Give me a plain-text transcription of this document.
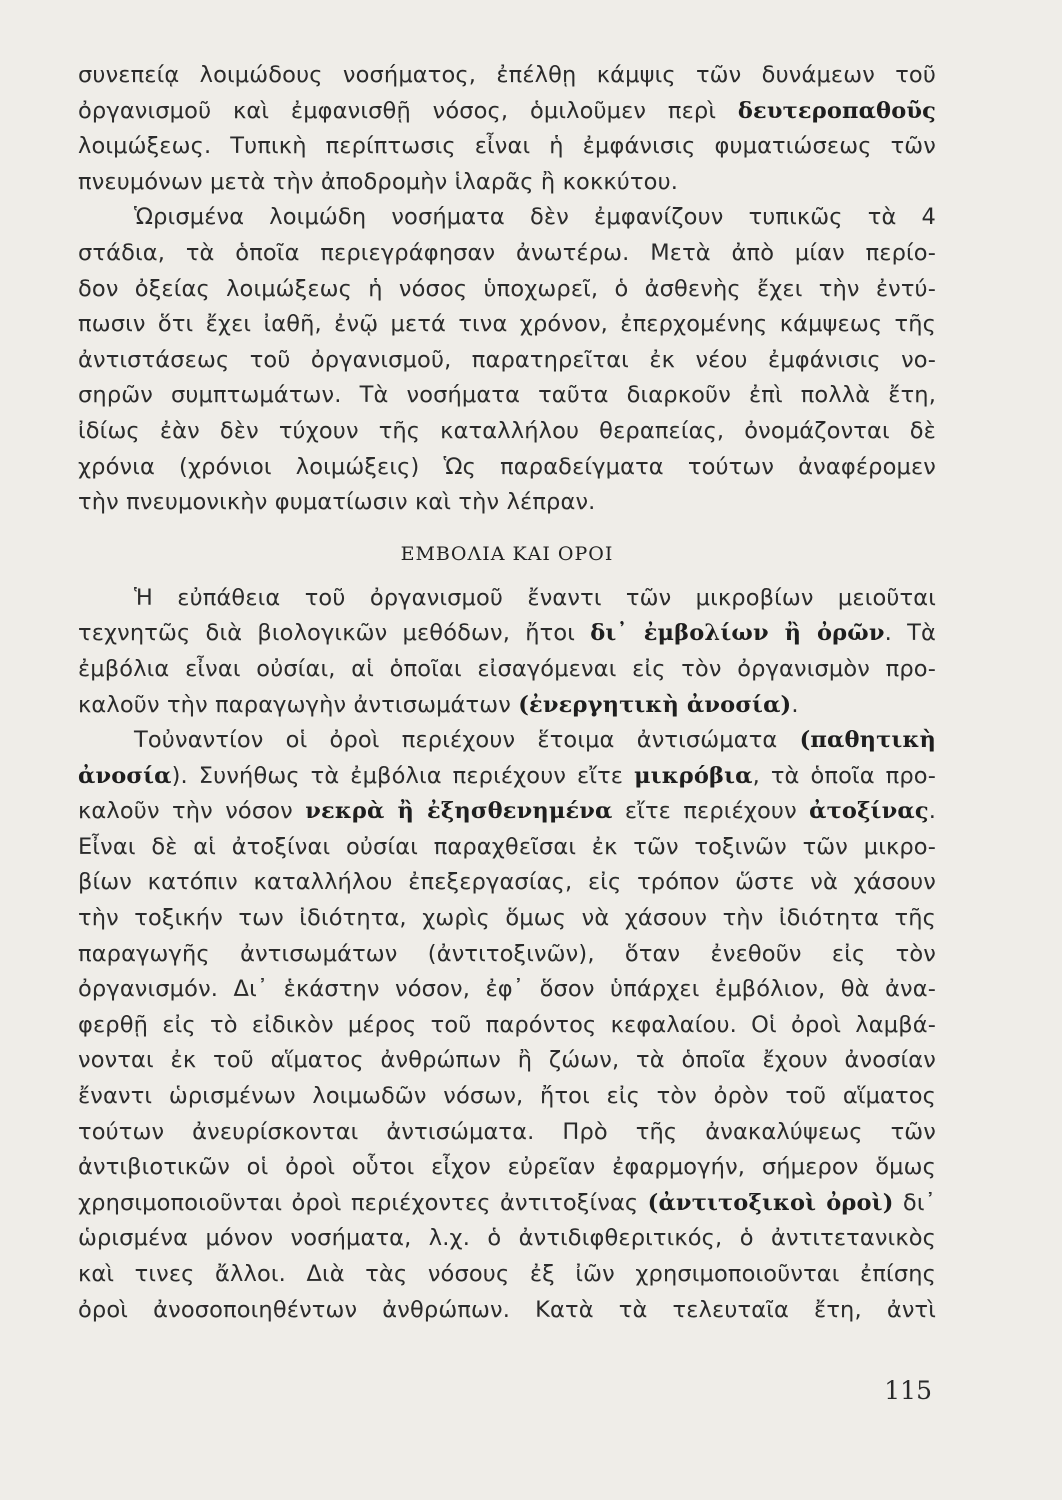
συνεπείᾳ λοιμώδους νοσήματος, ἐπέλθῃ κάμψις τῶν δυνάμεων τοῦ
ὀργανισμοῦ καὶ ἐμφανισθῇ νόσος, ὁμιλοῦμεν περὶ δευτεροπαθοῦς
λοιμώξεως. Τυπικὴ περίπτωσις εἶναι ἡ ἐμφάνισις φυματιώσεως τῶν
πνευμόνων μετὰ τὴν ἀποδρομὴν ἱλαρᾶς ἢ κοκκύτου.

Ὡρισμένα λοιμώδη νοσήματα δὲν ἐμφανίζουν τυπικῶς τὰ 4
στάδια, τὰ ὁποῖα περιεγράφησαν ἀνωτέρω. Μετὰ ἀπὸ μίαν περίο-
δον ὀξείας λοιμώξεως ἡ νόσος ὑποχωρεῖ, ὁ ἀσθενὴς ἔχει τὴν ἐντύ-
πωσιν ὅτι ἔχει ἰαθῆ, ἐνῷ μετά τινα χρόνον, ἐπερχομένης κάμψεως τῆς
ἀντιστάσεως τοῦ ὀργανισμοῦ, παρατηρεῖται ἐκ νέου ἐμφάνισις νο-
σηρῶν συμπτωμάτων. Τὰ νοσήματα ταῦτα διαρκοῦν ἐπὶ πολλὰ ἔτη,
ἰδίως ἐὰν δὲν τύχουν τῆς καταλλήλου θεραπείας, ὀνομάζονται δὲ
χρόνια (χρόνιοι λοιμώξεις) Ὡς παραδείγματα τούτων ἀναφέρομεν
τὴν πνευμονικὴν φυματίωσιν καὶ τὴν λέπραν.

ΕΜΒΟΛΙΑ ΚΑΙ ΟΡΟΙ

Ἡ εὐπάθεια τοῦ ὀργανισμοῦ ἔναντι τῶν μικροβίων μειοῦται
τεχνητῶς διὰ βιολογικῶν μεθόδων, ἤτοι δι᾽ ἐμβολίων ἢ ὀρῶν. Τὰ
ἐμβόλια εἶναι οὐσίαι, αἱ ὁποῖαι εἰσαγόμεναι εἰς τὸν ὀργανισμὸν προ-
καλοῦν τὴν παραγωγὴν ἀντισωμάτων (ἐνεργητικὴ ἀνοσία).

Τοὐναντίον οἱ ὀροὶ περιέχουν ἕτοιμα ἀντισώματα (παθητικὴ
ἀνοσία). Συνήθως τὰ ἐμβόλια περιέχουν εἴτε μικρόβια, τὰ ὁποῖα προ-
καλοῦν τὴν νόσον νεκρὰ ἢ ἐξησθενημένα εἴτε περιέχουν ἀτοξίνας.
Εἶναι δὲ αἱ ἀτοξίναι οὐσίαι παραχθεῖσαι ἐκ τῶν τοξινῶν τῶν μικρο-
βίων κατόπιν καταλλήλου ἐπεξεργασίας, εἰς τρόπον ὥστε νὰ χάσουν
τὴν τοξικήν των ἰδιότητα, χωρὶς ὅμως νὰ χάσουν τὴν ἰδιότητα τῆς
παραγωγῆς ἀντισωμάτων (ἀντιτοξινῶν), ὅταν ἐνεθοῦν εἰς τὸν
ὀργανισμόν. Δι᾽ ἑκάστην νόσον, ἐφ᾽ ὅσον ὑπάρχει ἐμβόλιον, θὰ ἀνα-
φερθῇ εἰς τὸ εἰδικὸν μέρος τοῦ παρόντος κεφαλαίου. Οἱ ὀροὶ λαμβά-
νονται ἐκ τοῦ αἵματος ἀνθρώπων ἢ ζώων, τὰ ὁποῖα ἔχουν ἀνοσίαν
ἔναντι ὡρισμένων λοιμωδῶν νόσων, ἤτοι εἰς τὸν ὀρὸν τοῦ αἵματος
τούτων ἀνευρίσκονται ἀντισώματα. Πρὸ τῆς ἀνακαλύψεως τῶν
ἀντιβιοτικῶν οἱ ὀροὶ οὗτοι εἶχον εὐρεῖαν ἐφαρμογήν, σήμερον ὅμως
χρησιμοποιοῦνται ὀροὶ περιέχοντες ἀντιτοξίνας (ἀντιτοξικοὶ ὀροὶ) δι᾽
ὡρισμένα μόνον νοσήματα, λ.χ. ὁ ἀντιδιφθεριτικός, ὁ ἀντιτετανικὸς
καὶ τινες ἄλλοι. Διὰ τὰς νόσους ἐξ ἰῶν χρησιμοποιοῦνται ἐπίσης
ὀροὶ ἀνοσοποιηθέντων ἀνθρώπων. Κατὰ τὰ τελευταῖα ἔτη, ἀντὶ

115
